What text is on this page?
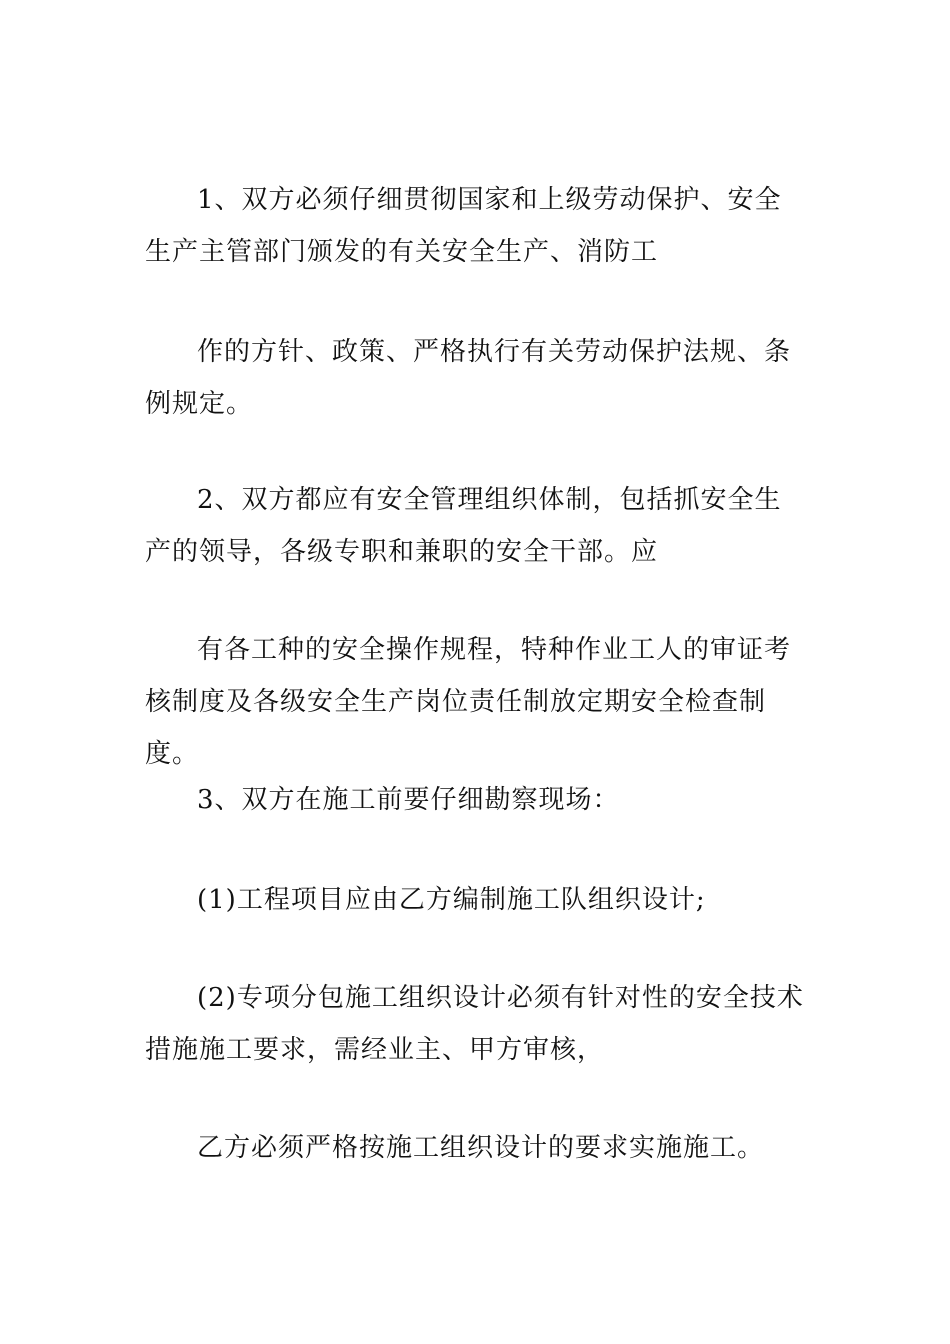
1、双方必须仔细贯彻国家和上级劳动保护、安全生产主管部门颁发的有关安全生产、消防工

作的方针、政策、严格执行有关劳动保护法规、条例规定。

2、双方都应有安全管理组织体制，包括抓安全生产的领导，各级专职和兼职的安全干部。应

有各工种的安全操作规程，特种作业工人的审证考核制度及各级安全生产岗位责任制放定期安全检查制度。

3、双方在施工前要仔细勘察现场：

(1)工程项目应由乙方编制施工队组织设计;

(2)专项分包施工组织设计必须有针对性的安全技术措施施工要求，需经业主、甲方审核，

乙方必须严格按施工组织设计的要求实施施工。
